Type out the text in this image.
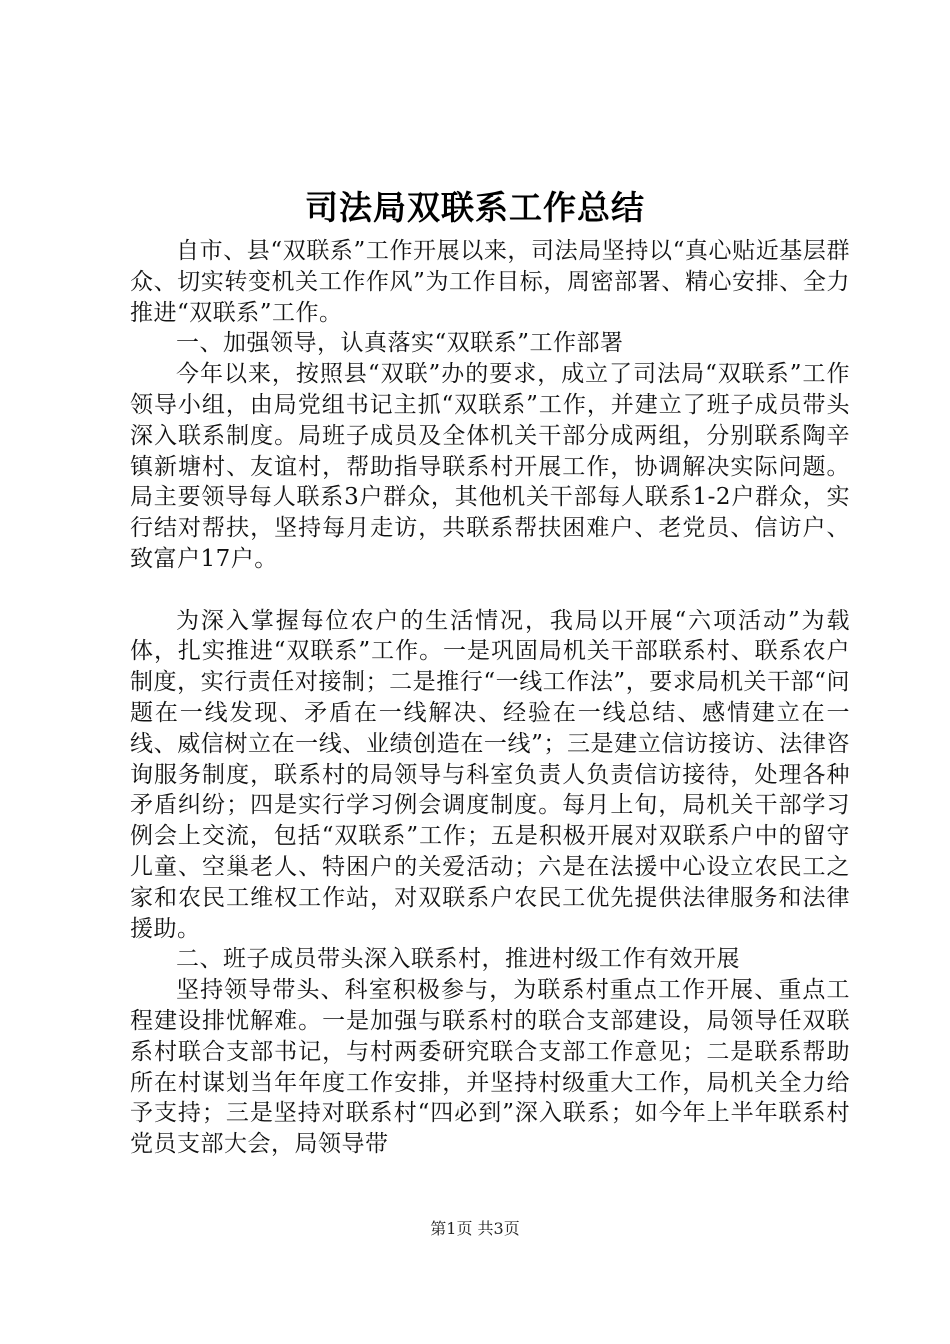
司法局双联系工作总结

自市、县“双联系”工作开展以来，司法局坚持以“真心贴近基层群众、切实转变机关工作作风”为工作目标，周密部署、精心安排、全力推进“双联系”工作。

一、加强领导，认真落实“双联系”工作部署

今年以来，按照县“双联”办的要求，成立了司法局“双联系”工作领导小组，由局党组书记主抓“双联系”工作，并建立了班子成员带头深入联系制度。局班子成员及全体机关干部分成两组，分别联系陶辛镇新塘村、友谊村，帮助指导联系村开展工作，协调解决实际问题。局主要领导每人联系3户群众，其他机关干部每人联系1-2户群众，实行结对帮扶，坚持每月走访，共联系帮扶困难户、老党员、信访户、致富户17户。

为深入掌握每位农户的生活情况，我局以开展“六项活动”为载体，扎实推进“双联系”工作。一是巩固局机关干部联系村、联系农户制度，实行责任对接制；二是推行“一线工作法”，要求局机关干部“问题在一线发现、矛盾在一线解决、经验在一线总结、感情建立在一线、威信树立在一线、业绩创造在一线”；三是建立信访接访、法律咨询服务制度，联系村的局领导与科室负责人负责信访接待，处理各种矛盾纠纷；四是实行学习例会调度制度。每月上旬，局机关干部学习例会上交流，包括“双联系”工作；五是积极开展对双联系户中的留守儿童、空巢老人、特困户的关爱活动；六是在法援中心设立农民工之家和农民工维权工作站，对双联系户农民工优先提供法律服务和法律援助。

二、班子成员带头深入联系村，推进村级工作有效开展

坚持领导带头、科室积极参与，为联系村重点工作开展、重点工程建设排忧解难。一是加强与联系村的联合支部建设，局领导任双联系村联合支部书记，与村两委研究联合支部工作意见；二是联系帮助所在村谋划当年年度工作安排，并坚持村级重大工作，局机关全力给予支持；三是坚持对联系村“四必到”深入联系；如今年上半年联系村党员支部大会，局领导带

第1页 共3页
